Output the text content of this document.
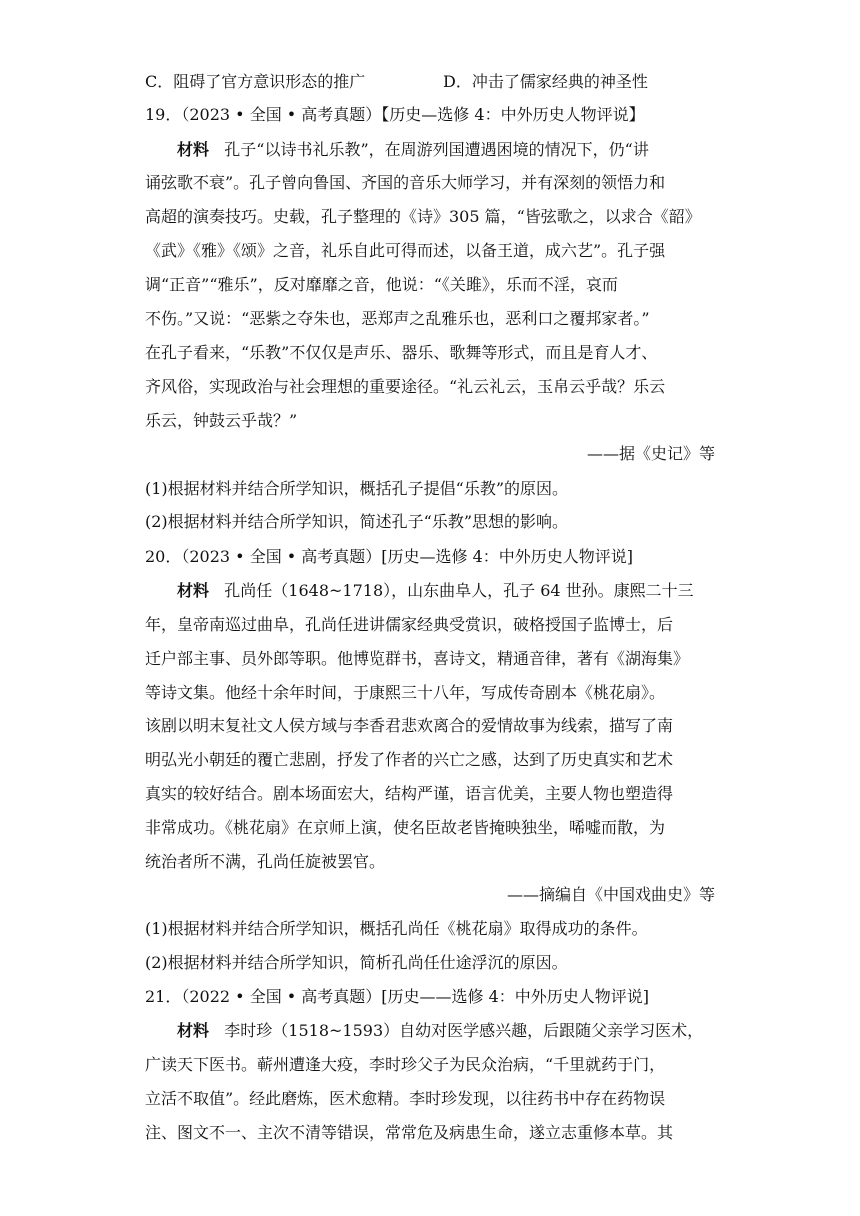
C．阻碍了官方意识形态的推广	D．冲击了儒家经典的神圣性
19．（2023 • 全国 • 高考真题）【历史—选修 4：中外历史人物评说】
材料 孔子“以诗书礼乐教”，在周游列国遭遇困境的情况下，仍“讲
诵弦歌不衰”。孔子曾向鲁国、齐国的音乐大师学习，并有深刻的领悟力和
高超的演奏技巧。史载，孔子整理的《诗》305 篇，“皆弦歌之，以求合《韶》
《武》《雅》《颂》之音，礼乐自此可得而述，以备王道，成六艺”。孔子强
调“正音”“雅乐”，反对靡靡之音，他说：“《关雎》，乐而不淫，哀而
不伤。”又说：“恶紫之夺朱也，恶郑声之乱雅乐也，恶利口之覆邦家者。”
在孔子看来，“乐教”不仅仅是声乐、器乐、歌舞等形式，而且是育人才、
齐风俗，实现政治与社会理想的重要途径。“礼云礼云，玉帛云乎哉？乐云
乐云，钟鼓云乎哉？”
——据《史记》等
(1)根据材料并结合所学知识，概括孔子提倡“乐教”的原因。
(2)根据材料并结合所学知识，简述孔子“乐教”思想的影响。
20．（2023 • 全国 • 高考真题）[历史—选修 4：中外历史人物评说]
材料 孔尚任（1648~1718），山东曲阜人，孔子 64 世孙。康熙二十三
年，皇帝南巡过曲阜，孔尚任进讲儒家经典受赏识，破格授国子监博士，后
迁户部主事、员外郎等职。他博览群书，喜诗文，精通音律，著有《湖海集》
等诗文集。他经十余年时间，于康熙三十八年，写成传奇剧本《桃花扇》。
该剧以明末复社文人侯方域与李香君悲欢离合的爱情故事为线索，描写了南
明弘光小朝廷的覆亡悲剧，抒发了作者的兴亡之感，达到了历史真实和艺术
真实的较好结合。剧本场面宏大，结构严谨，语言优美，主要人物也塑造得
非常成功。《桃花扇》在京师上演，使名臣故老皆掩映独坐，唏嘘而散，为
统治者所不满，孔尚任旋被罢官。
——摘编自《中国戏曲史》等
(1)根据材料并结合所学知识，概括孔尚任《桃花扇》取得成功的条件。
(2)根据材料并结合所学知识，简析孔尚任仕途浮沉的原因。
21．（2022 • 全国 • 高考真题）[历史——选修 4：中外历史人物评说]
材料 李时珍（1518~1593）自幼对医学感兴趣，后跟随父亲学习医术，
广读天下医书。蕲州遭逢大疫，李时珍父子为民众治病，“千里就药于门，
立活不取值”。经此磨炼，医术愈精。李时珍发现，以往药书中存在药物误
注、图文不一、主次不清等错误，常常危及病患生命，遂立志重修本草。其
